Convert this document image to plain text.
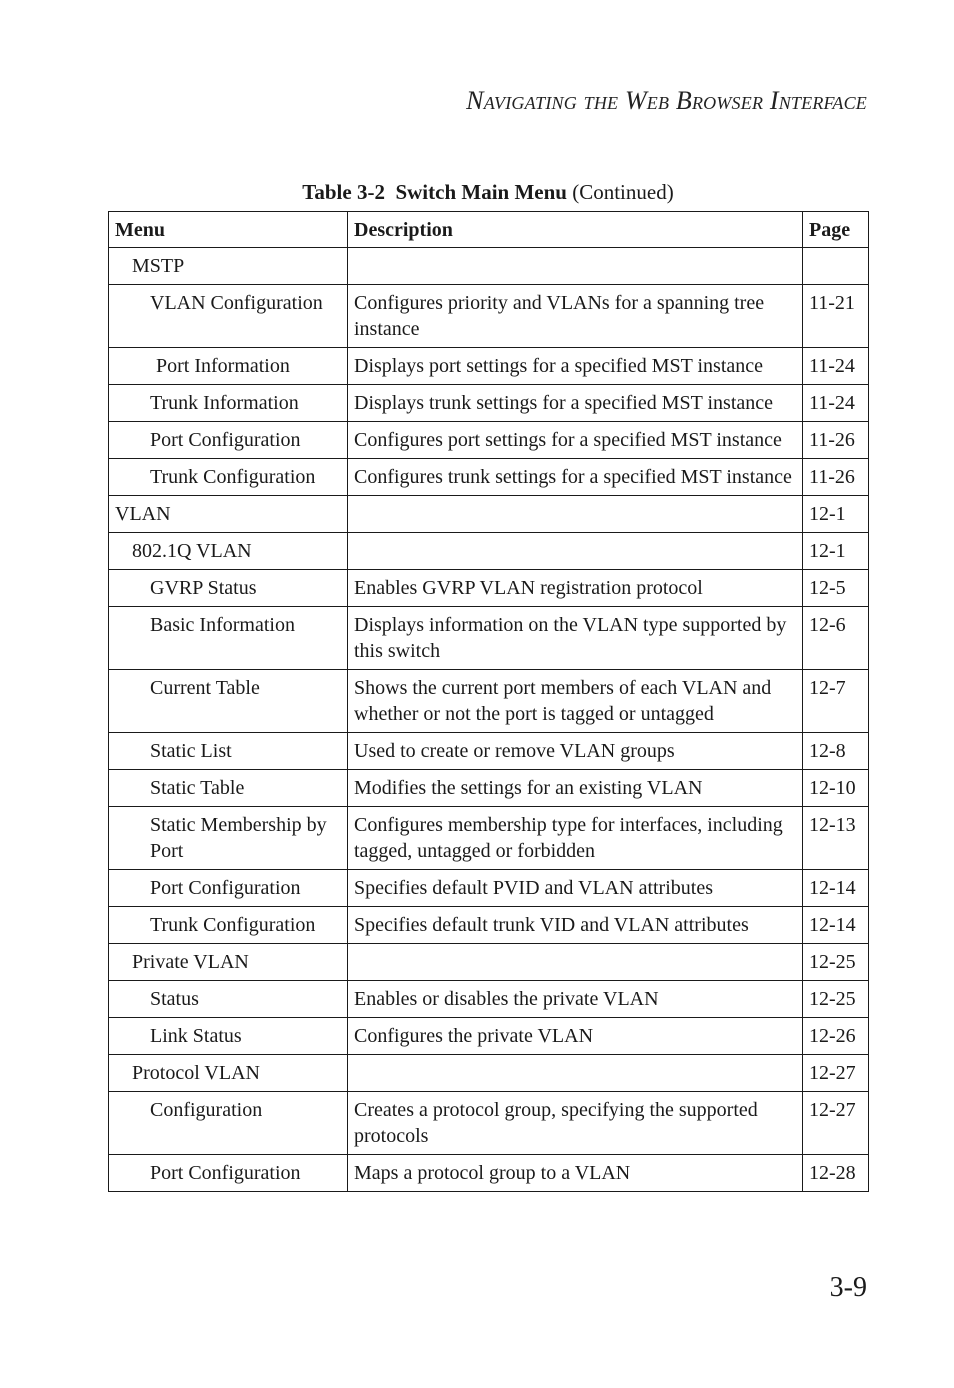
Navigating the Web Browser Interface
Table 3-2 Switch Main Menu (Continued)
Menu	Description	Page

MSTP		

VLAN Configuration	Configures priority and VLANs for a spanning tree instance	11-21

Port Information	Displays port settings for a specified MST instance	11-24

Trunk Information	Displays trunk settings for a specified MST instance	11-24

Port Configuration	Configures port settings for a specified MST instance	11-26

Trunk Configuration	Configures trunk settings for a specified MST instance	11-26

VLAN		12-1

802.1Q VLAN		12-1

GVRP Status	Enables GVRP VLAN registration protocol	12-5

Basic Information	Displays information on the VLAN type supported by this switch	12-6

Current Table	Shows the current port members of each VLAN and whether or not the port is tagged or untagged	12-7

Static List	Used to create or remove VLAN groups	12-8

Static Table	Modifies the settings for an existing VLAN	12-10

Static Membership by Port	Configures membership type for interfaces, including tagged, untagged or forbidden	12-13

Port Configuration	Specifies default PVID and VLAN attributes	12-14

Trunk Configuration	Specifies default trunk VID and VLAN attributes	12-14

Private VLAN		12-25

Status	Enables or disables the private VLAN	12-25

Link Status	Configures the private VLAN	12-26

Protocol VLAN		12-27

Configuration	Creates a protocol group, specifying the supported protocols	12-27

Port Configuration	Maps a protocol group to a VLAN	12-28
3-9
